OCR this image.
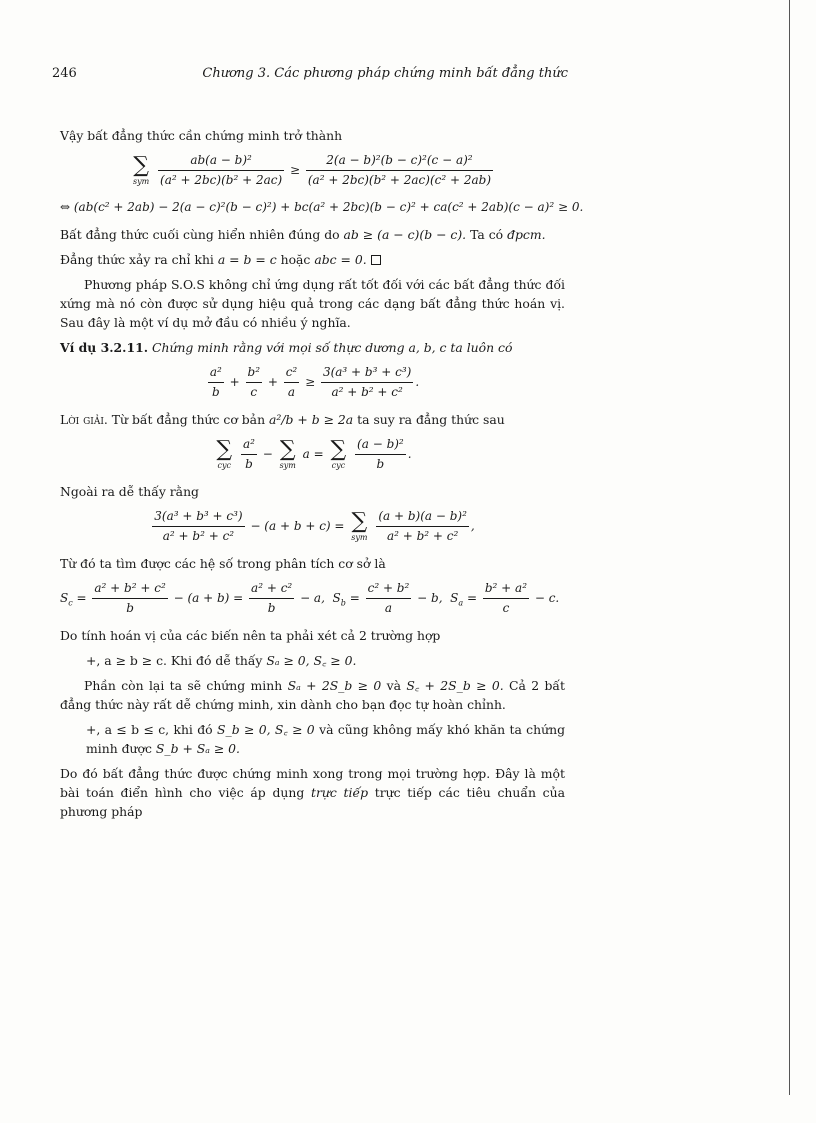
246	Chương 3. Các phương pháp chứng minh bất đẳng thức

Vậy bất đẳng thức cần chứng minh trở thành

∑
sym
$\frac{\text{ab(a − b)²}}{\text{(a² + 2bc)(b² + 2ac)}} \ge \frac{\text{2(a − b)²(b − c)²(c − a)²}}{\text{(a² + 2bc)(b² + 2ac)(c² + 2ab)}}$
⇔ (ab(c² + 2ab) − 2(a − c)²(b − c)²) + bc(a² + 2bc)(b − c)² + ca(c² + 2ab)(c − a)² ≥ 0.

Bất đẳng thức cuối cùng hiển nhiên đúng do ab ≥ (a − c)(b − c). Ta có đpcm.

Đẳng thức xảy ra chỉ khi a = b = c hoặc abc = 0.

Phương pháp S.O.S không chỉ ứng dụng rất tốt đối với các bất đẳng thức đối xứng mà nó còn được sử dụng hiệu quả trong các dạng bất đẳng thức hoán vị. Sau đây là một ví dụ mở đầu có nhiều ý nghĩa.

Ví dụ 3.2.11. Chứng minh rằng với mọi số thực dương a, b, c ta luôn có

$\frac{\text{a²}}{b} + \frac{\text{b²}}{c} + \frac{\text{c²}}{a} \ge \frac{\text{3(a³ + b³ + c³)}}{\text{a² + b² + c²}}$ .

Lời giải. Từ bất đẳng thức cơ bản a²/b + b ≥ 2a ta suy ra đẳng thức sau

∑
cyc
$\frac{\text{a²}}{b}$ − ∑
sym
a = ∑
cyc
$\frac{\text{(a − b)²}}{b}$ .

Ngoài ra dễ thấy rằng

$\frac{\text{3(a³ + b³ + c³)}}{\text{a² + b² + c²}} - (a + b + c)$ = ∑
sym
$\frac{\text{(a + b)(a − b)²}}{\text{a² + b² + c²}}$ ,

Từ đó ta tìm được các hệ số trong phân tích cơ sở là

$S_c = \frac{\text{a² + b² + c²}}{b} - (a + b) = \frac{\text{a² + c²}}{b} - a$, $S_b = \frac{\text{c² + b²}}{a} - b$, $S_a = \frac{\text{b² + a²}}{c} - c$.

Do tính hoán vị của các biến nên ta phải xét cả 2 trường hợp

+, a ≥ b ≥ c. Khi đó dễ thấy Sₐ ≥ 0, S꜀ ≥ 0.

Phần còn lại ta sẽ chứng minh Sₐ + 2S_b ≥ 0 và S꜀ + 2S_b ≥ 0. Cả 2 bất đẳng thức này rất dễ chứng minh, xin dành cho bạn đọc tự hoàn chỉnh.

+, a ≤ b ≤ c, khi đó S_b ≥ 0, S꜀ ≥ 0 và cũng không mấy khó khăn ta chứng minh được S_b + Sₐ ≥ 0.

Do đó bất đẳng thức được chứng minh xong trong mọi trường hợp. Đây là một bài toán điển hình cho việc áp dụng trực tiếp trực tiếp các tiêu chuẩn của phương pháp
